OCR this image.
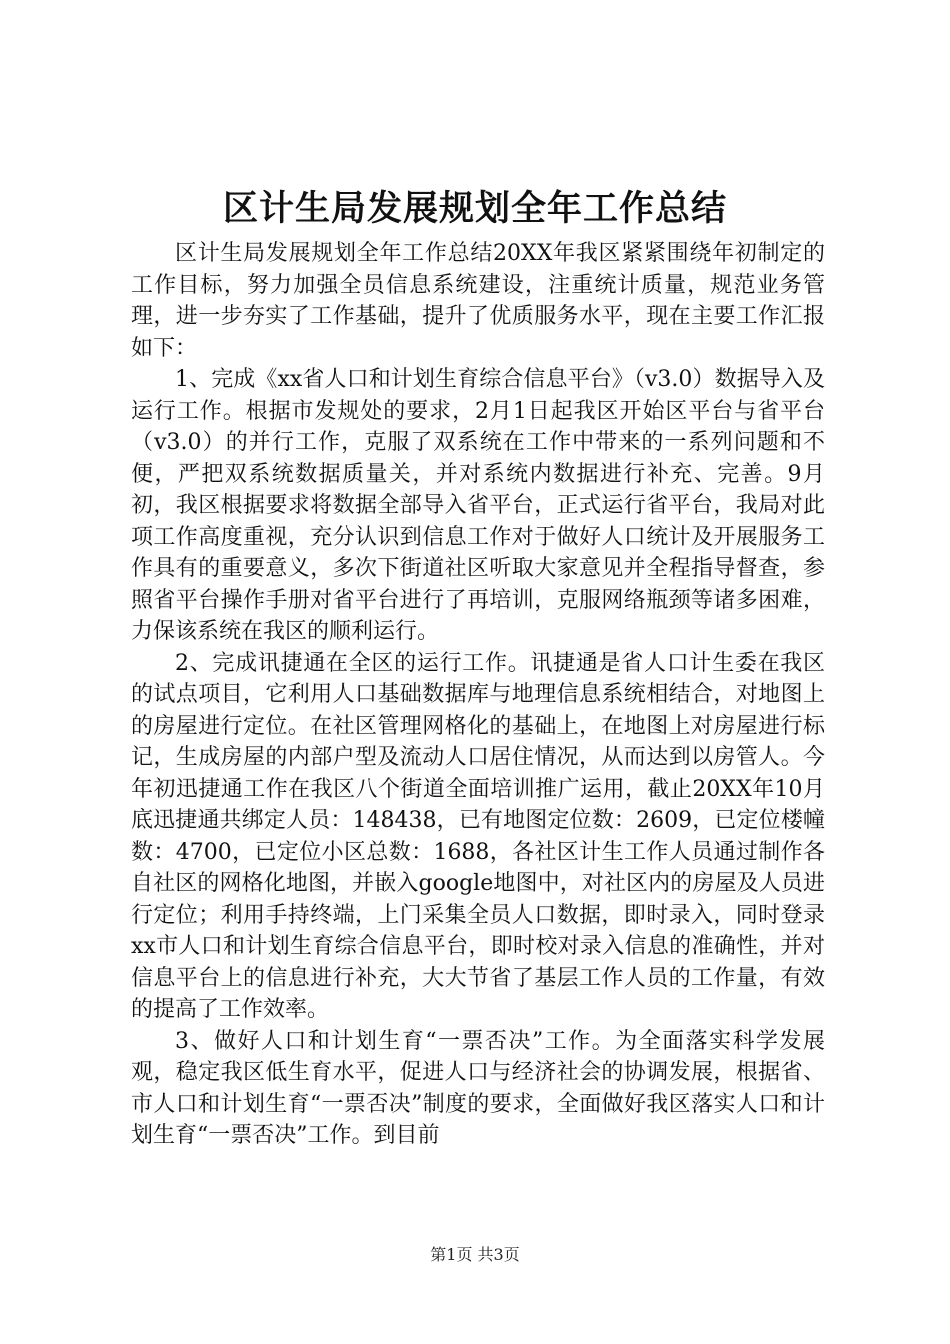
区计生局发展规划全年工作总结

区计生局发展规划全年工作总结20XX年我区紧紧围绕年初制定的工作目标，努力加强全员信息系统建设，注重统计质量，规范业务管理，进一步夯实了工作基础，提升了优质服务水平，现在主要工作汇报如下：

1、完成《xx省人口和计划生育综合信息平台》（v3.0）数据导入及运行工作。根据市发规处的要求，2月1日起我区开始区平台与省平台（v3.0）的并行工作，克服了双系统在工作中带来的一系列问题和不便，严把双系统数据质量关，并对系统内数据进行补充、完善。9月初，我区根据要求将数据全部导入省平台，正式运行省平台，我局对此项工作高度重视，充分认识到信息工作对于做好人口统计及开展服务工作具有的重要意义，多次下街道社区听取大家意见并全程指导督查，参照省平台操作手册对省平台进行了再培训，克服网络瓶颈等诸多困难，力保该系统在我区的顺利运行。

2、完成讯捷通在全区的运行工作。讯捷通是省人口计生委在我区的试点项目，它利用人口基础数据库与地理信息系统相结合，对地图上的房屋进行定位。在社区管理网格化的基础上，在地图上对房屋进行标记，生成房屋的内部户型及流动人口居住情况，从而达到以房管人。今年初迅捷通工作在我区八个街道全面培训推广运用，截止20XX年10月底迅捷通共绑定人员：148438，已有地图定位数：2609，已定位楼幢数：4700，已定位小区总数：1688，各社区计生工作人员通过制作各自社区的网格化地图，并嵌入google地图中，对社区内的房屋及人员进行定位；利用手持终端，上门采集全员人口数据，即时录入，同时登录xx市人口和计划生育综合信息平台，即时校对录入信息的准确性，并对信息平台上的信息进行补充，大大节省了基层工作人员的工作量，有效的提高了工作效率。

3、做好人口和计划生育“一票否决”工作。为全面落实科学发展观，稳定我区低生育水平，促进人口与经济社会的协调发展，根据省、市人口和计划生育“一票否决”制度的要求，全面做好我区落实人口和计划生育“一票否决”工作。到目前

第1页 共3页
